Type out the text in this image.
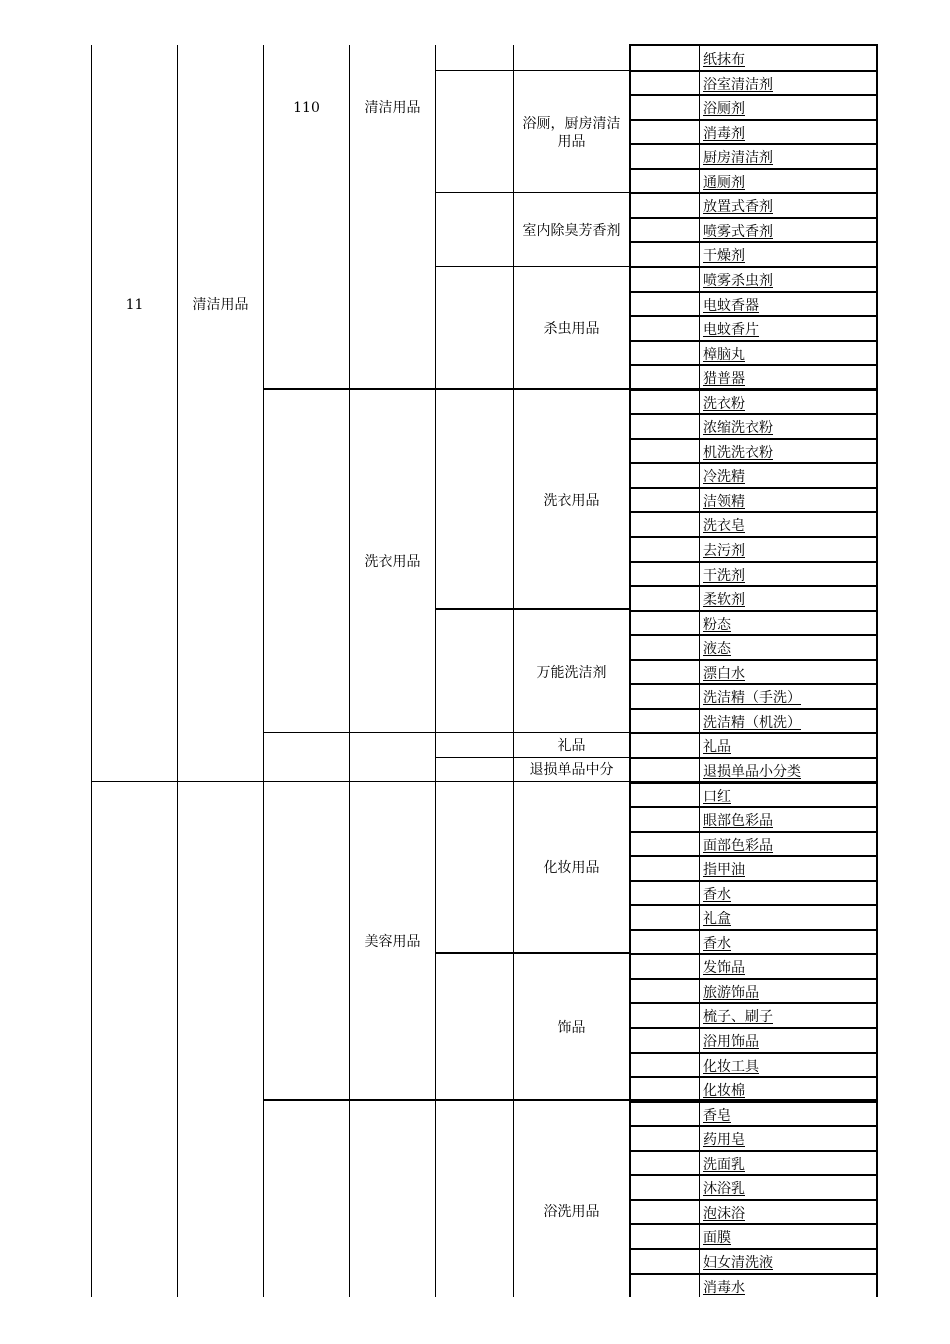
11	清洁用品
110	清洁用品
洗衣用品
美容用品
浴厕，厨房清洁用品
室内除臭芳香剂
杀虫用品
洗衣用品
万能洗洁剂
礼品
退损单品中分
化妆用品
饰品
浴洗用品
纸抹布
浴室清洁剂
浴厕剂
消毒剂
厨房清洁剂
通厕剂
放置式香剂
喷雾式香剂
干燥剂
喷雾杀虫剂
电蚊香器
电蚊香片
樟脑丸
猎普器
洗衣粉
浓缩洗衣粉
机洗洗衣粉
冷洗精
洁领精
洗衣皂
去污剂
干洗剂
柔软剂
粉态
液态
漂白水
洗洁精（手洗）
洗洁精（机洗）
礼品
退损单品小分类
口红
眼部色彩品
面部色彩品
指甲油
香水
礼盒
香水
发饰品
旅游饰品
梳子、刷子
浴用饰品
化妆工具
化妆棉
香皂
药用皂
洗面乳
沐浴乳
泡沫浴
面膜
妇女清洗液
消毒水
